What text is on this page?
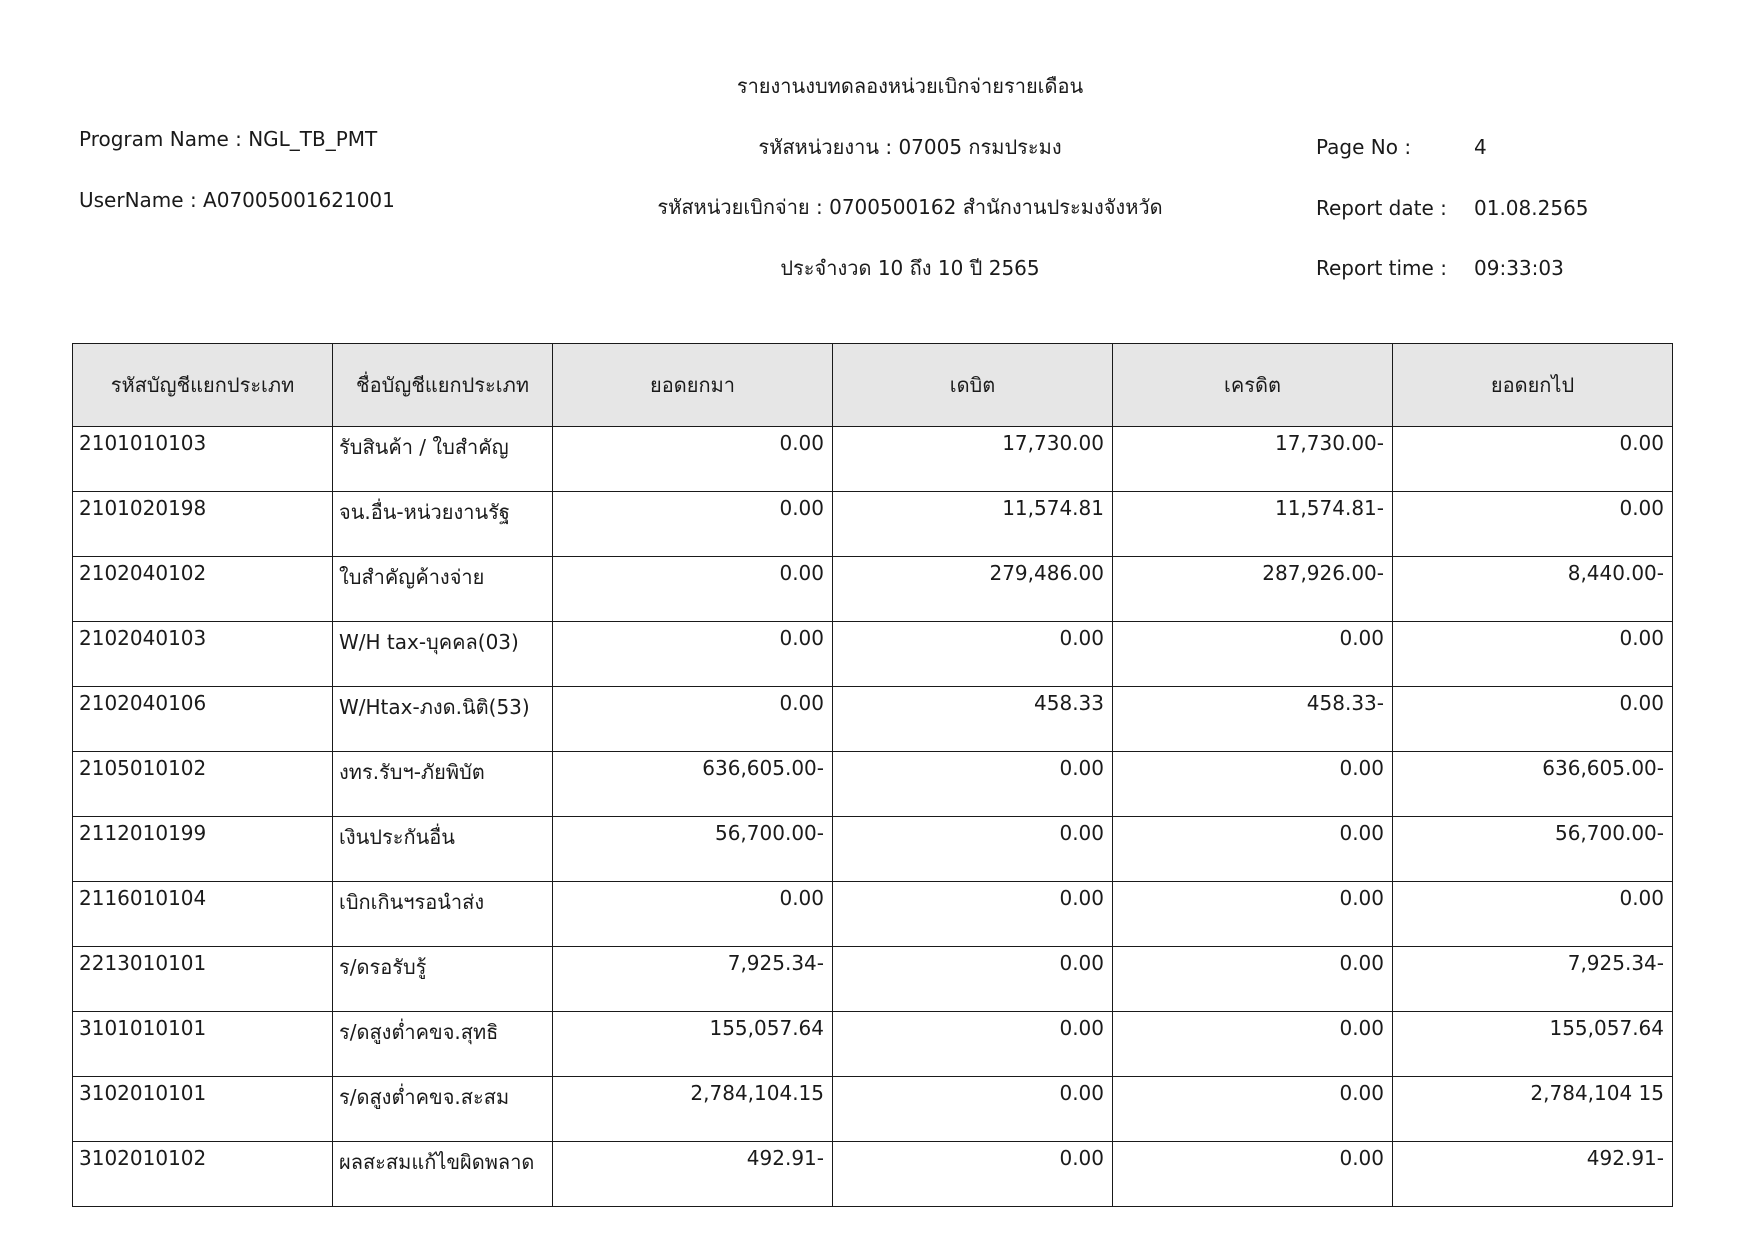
รายงานงบทดลองหน่วยเบิกจ่ายรายเดือน
รหัสหน่วยงาน : 07005 กรมประมง
รหัสหน่วยเบิกจ่าย : 0700500162 สำนักงานประมงจังหวัด
ประจำงวด 10 ถึง 10 ปี 2565
Program Name : NGL_TB_PMT
UserName : A07005001621001
Page No :	4
Report date : 01.08.2565
Report time : 09:33:03
รหัสบัญชีแยกประเภท	ชื่อบัญชีแยกประเภท	ยอดยกมา	เดบิต	เครดิต	ยอดยกไป
2101010103	รับสินค้า / ใบสำคัญ	0.00	17,730.00	17,730.00-	0.00
2101020198	จน.อื่น-หน่วยงานรัฐ	0.00	11,574.81	11,574.81-	0.00
2102040102	ใบสำคัญค้างจ่าย	0.00	279,486.00	287,926.00-	8,440.00-
2102040103	W/H tax-บุคคล(03)	0.00	0.00	0.00	0.00
2102040106	W/Htax-ภงด.นิติ(53)	0.00	458.33	458.33-	0.00
2105010102	งทร.รับฯ-ภัยพิบัต	636,605.00-	0.00	0.00	636,605.00-
2112010199	เงินประกันอื่น	56,700.00-	0.00	0.00	56,700.00-
2116010104	เบิกเกินฯรอนำส่ง	0.00	0.00	0.00	0.00
2213010101	ร/ดรอรับรู้	7,925.34-	0.00	0.00	7,925.34-
3101010101	ร/ดสูงต่ำคขจ.สุทธิ	155,057.64	0.00	0.00	155,057.64
3102010101	ร/ดสูงต่ำคขจ.สะสม	2,784,104.15	0.00	0.00	2,784,104 15
3102010102	ผลสะสมแก้ไขผิดพลาด	492.91-	0.00	0.00	492.91-
